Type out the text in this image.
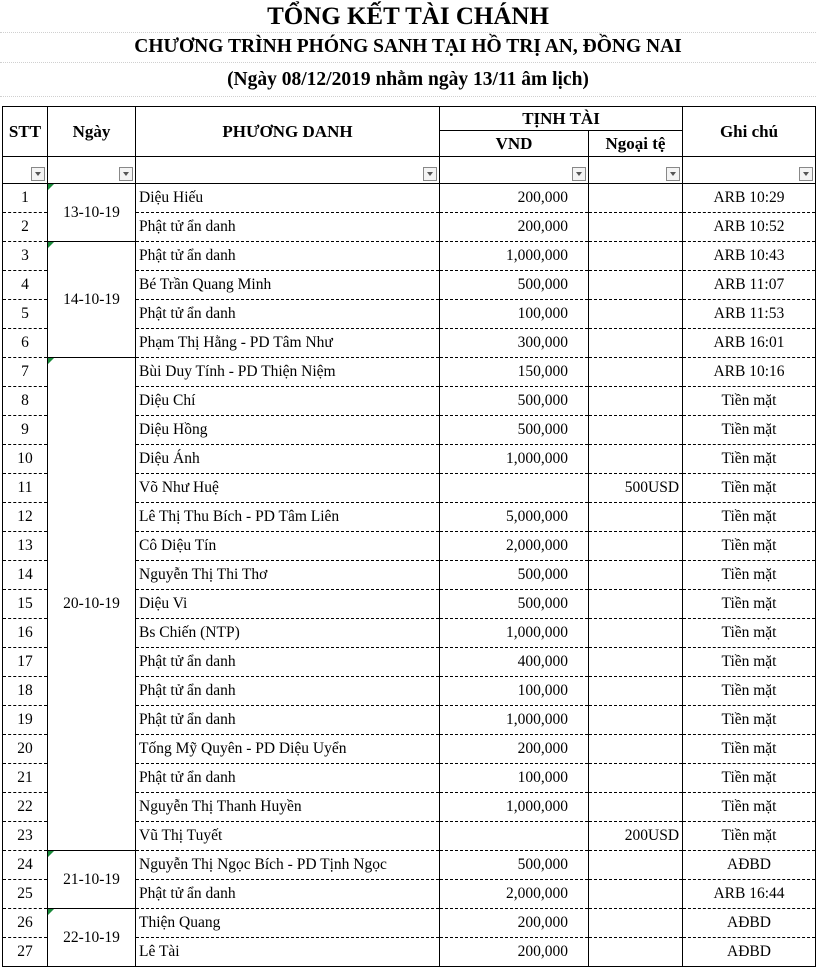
TỔNG KẾT TÀI CHÁNH
CHƯƠNG TRÌNH PHÓNG SANH TẠI HỒ TRỊ AN, ĐỒNG NAI
(Ngày 08/12/2019 nhằm ngày 13/11 âm lịch)
STT	Ngày	PHƯƠNG DANH	TỊNH TÀI		Ghi chú
			VND	Ngoại tệ	

1	13-10-19	Diệu Hiếu	200,000		ARB 10:29
2		Phật tử ẩn danh	200,000		ARB 10:52
3	14-10-19	Phật tử ẩn danh	1,000,000		ARB 10:43
4		Bé Trần Quang Minh	500,000		ARB 11:07
5		Phật tử ẩn danh	100,000		ARB 11:53
6		Phạm Thị Hằng - PD Tâm Như	300,000		ARB 16:01
7	20-10-19	Bùi Duy Tính - PD Thiện Niệm	150,000		ARB 10:16
8		Diệu Chí	500,000		Tiền mặt
9		Diệu Hồng	500,000		Tiền mặt
10		Diệu Ánh	1,000,000		Tiền mặt
11		Võ Như Huệ		500USD	Tiền mặt
12		Lê Thị Thu Bích - PD Tâm Liên	5,000,000		Tiền mặt
13		Cô Diệu Tín	2,000,000		Tiền mặt
14		Nguyễn Thị Thi Thơ	500,000		Tiền mặt
15		Diệu Vi	500,000		Tiền mặt
16		Bs Chiến (NTP)	1,000,000		Tiền mặt
17		Phật tử ẩn danh	400,000		Tiền mặt
18		Phật tử ẩn danh	100,000		Tiền mặt
19		Phật tử ẩn danh	1,000,000		Tiền mặt
20		Tống Mỹ Quyên - PD Diệu Uyển	200,000		Tiền mặt
21		Phật tử ẩn danh	100,000		Tiền mặt
22		Nguyễn Thị Thanh Huyền	1,000,000		Tiền mặt
23		Vũ Thị Tuyết		200USD	Tiền mặt
24	21-10-19	Nguyễn Thị Ngọc Bích - PD Tịnh Ngọc	500,000		AĐBD
25		Phật tử ẩn danh	2,000,000		ARB 16:44
26	22-10-19	Thiện Quang	200,000		AĐBD
27		Lê Tài	200,000		AĐBD
